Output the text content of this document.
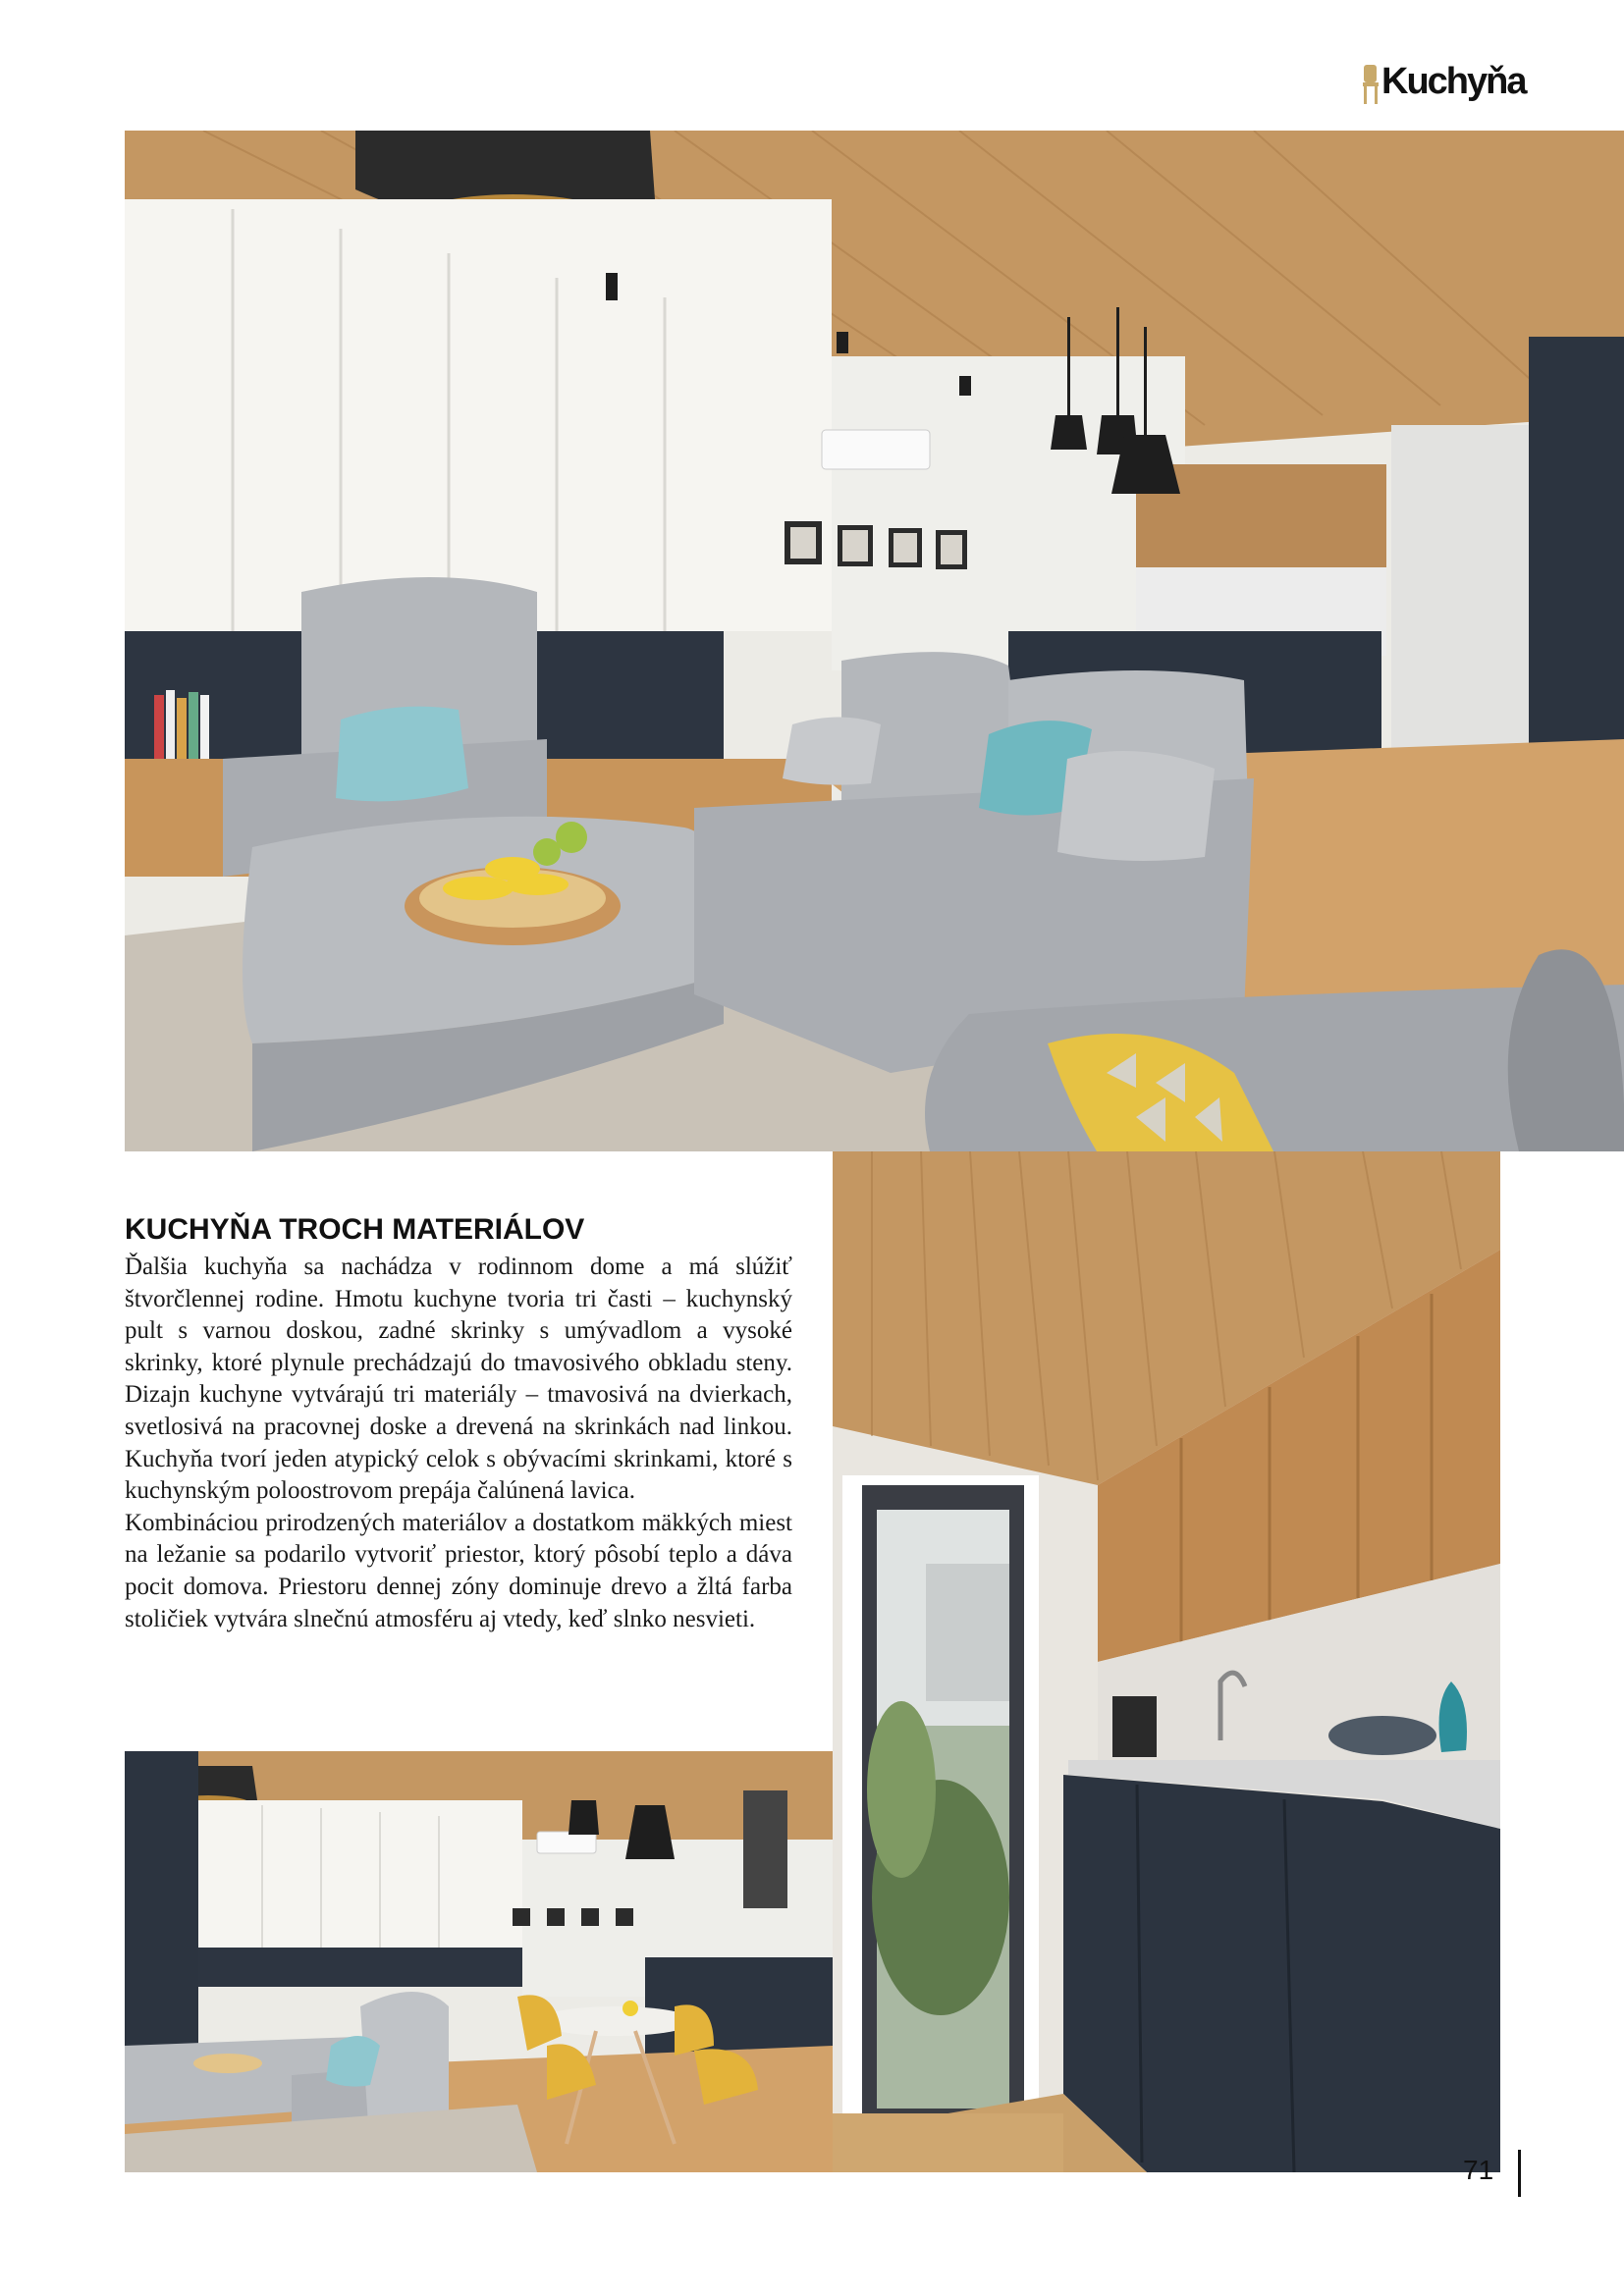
Kuchyňa
KUCHYŇA TROCH MATERIÁLOV

Ďalšia kuchyňa sa nachádza v rodinnom dome a má slúžiť štvorčlennej rodine. Hmotu kuchyne tvoria tri časti – kuchynský pult s varnou doskou, zadné skrinky s umývadlom a vysoké skrinky, ktoré plynule prechádzajú do tmavosivého obkladu steny. Dizajn kuchyne vytvárajú tri materiály – tmavosivá na dvierkach, svetlosivá na pracovnej doske a drevená na skrinkách nad linkou. Kuchyňa tvorí jeden atypický celok s obývacími skrinkami, ktoré s kuchynským poloostrovom prepája čalúnená lavica.

Kombináciou prirodzených materiálov a dostatkom mäkkých miest na ležanie sa podarilo vytvoriť priestor, ktorý pôsobí teplo a dáva pocit domova. Priestoru dennej zóny dominuje drevo a žltá farba stoličiek vytvára slnečnú atmosféru aj vtedy, keď slnko nesvieti.

71
